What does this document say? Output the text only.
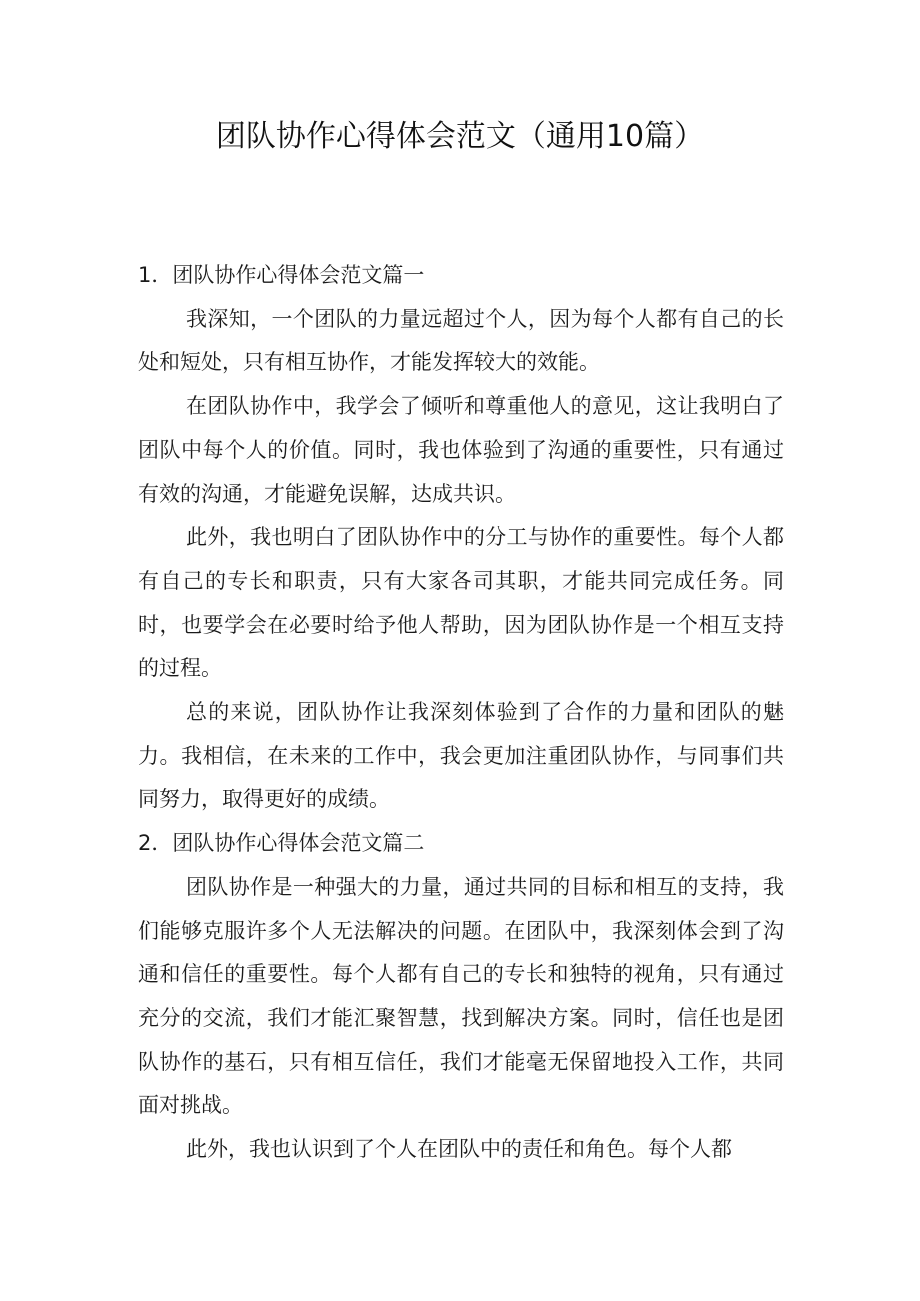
团队协作心得体会范文（通用10篇）

1．团队协作心得体会范文篇一

我深知，一个团队的力量远超过个人，因为每个人都有自己的长处和短处，只有相互协作，才能发挥较大的效能。

在团队协作中，我学会了倾听和尊重他人的意见，这让我明白了团队中每个人的价值。同时，我也体验到了沟通的重要性，只有通过有效的沟通，才能避免误解，达成共识。

此外，我也明白了团队协作中的分工与协作的重要性。每个人都有自己的专长和职责，只有大家各司其职，才能共同完成任务。同时，也要学会在必要时给予他人帮助，因为团队协作是一个相互支持的过程。

总的来说，团队协作让我深刻体验到了合作的力量和团队的魅力。我相信，在未来的工作中，我会更加注重团队协作，与同事们共同努力，取得更好的成绩。

2．团队协作心得体会范文篇二

团队协作是一种强大的力量，通过共同的目标和相互的支持，我们能够克服许多个人无法解决的问题。在团队中，我深刻体会到了沟通和信任的重要性。每个人都有自己的专长和独特的视角，只有通过充分的交流，我们才能汇聚智慧，找到解决方案。同时，信任也是团队协作的基石，只有相互信任，我们才能毫无保留地投入工作，共同面对挑战。

此外，我也认识到了个人在团队中的责任和角色。每个人都
